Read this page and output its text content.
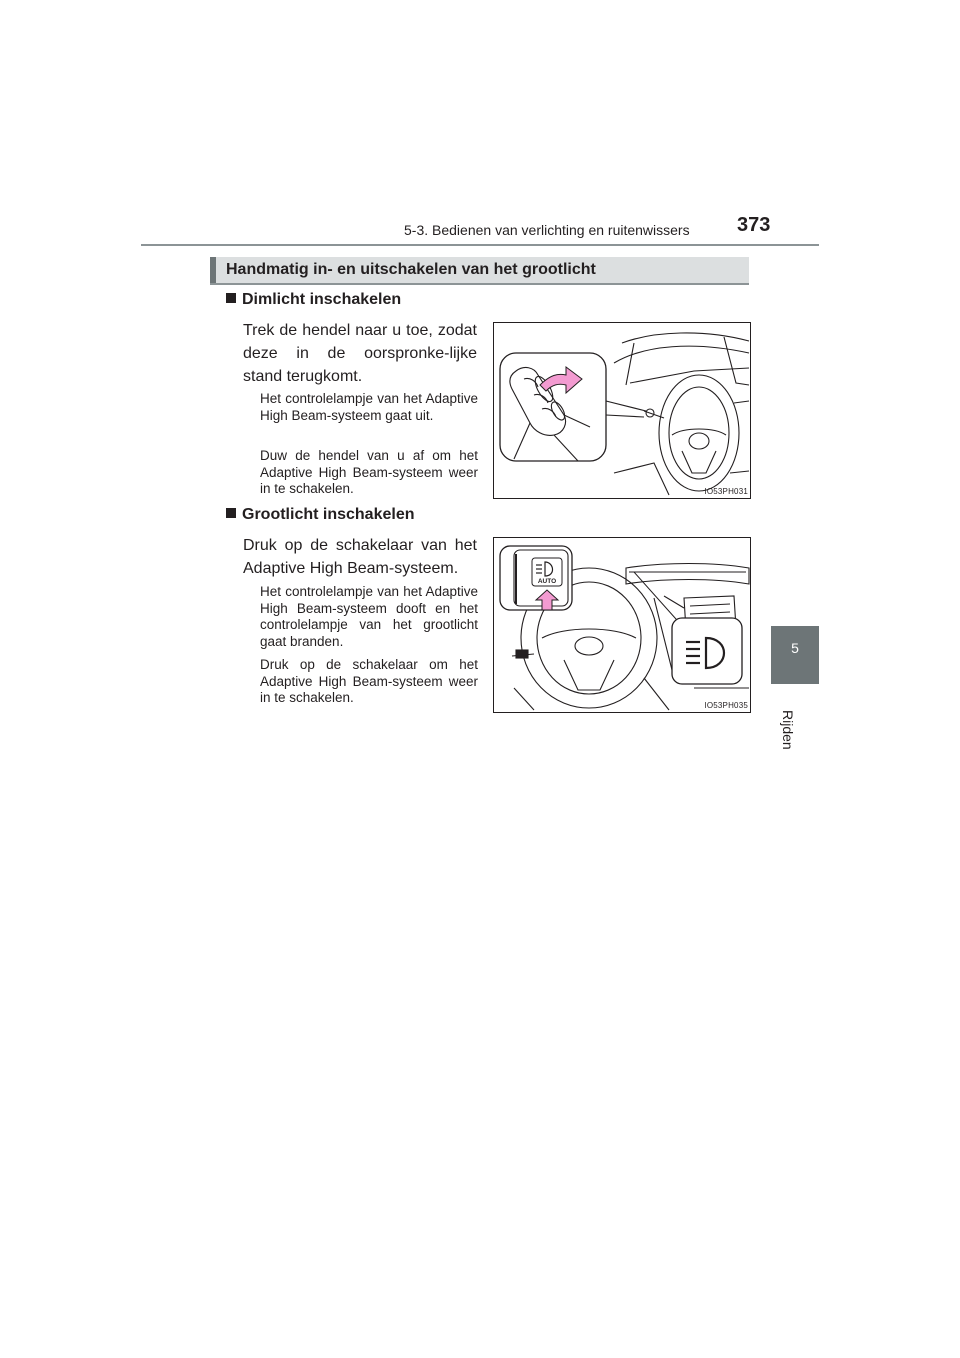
5-3. Bedienen van verlichting en ruitenwissers 373
5
Rijden
Handmatig in- en uitschakelen van het grootlicht
Dimlicht inschakelen
Trek de hendel naar u toe, zodat deze in de oorspronke-lijke stand terugkomt.
Het controlelampje van het Adaptive High Beam-systeem gaat uit.
Duw de hendel van u af om het Adaptive High Beam-systeem weer in te schakelen.	IO53PH031
Grootlicht inschakelen
Druk op de schakelaar van het Adaptive High Beam-systeem.
Het controlelampje van het Adaptive High Beam-systeem dooft en het controlelampje van het grootlicht gaat branden.
Druk op de schakelaar om het Adaptive High Beam-systeem weer in te schakelen.
AUTO
IO53PH035
